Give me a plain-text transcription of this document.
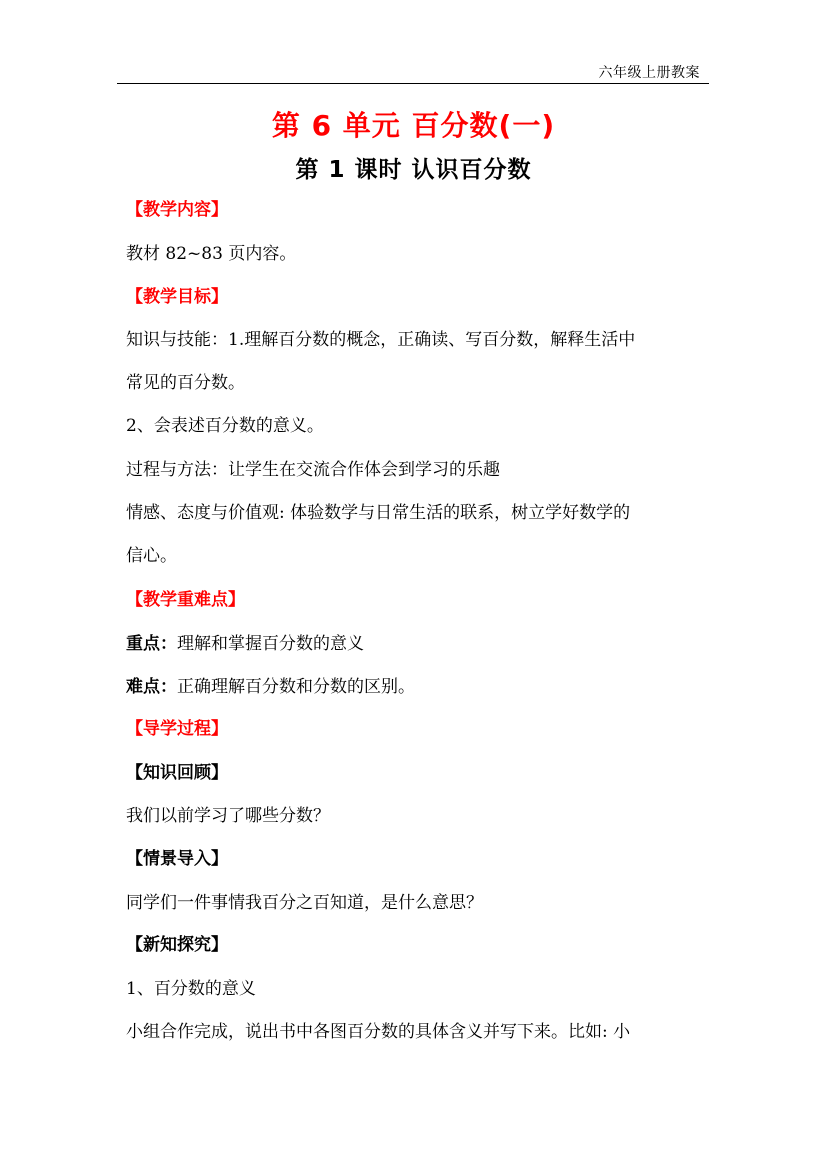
六年级上册教案
第 6 单元 百分数(一)
第 1 课时 认识百分数
【教学内容】
教材 82~83 页内容。
【教学目标】
知识与技能：1.理解百分数的概念，正确读、写百分数，解释生活中
常见的百分数。
2、会表述百分数的意义。
过程与方法：让学生在交流合作体会到学习的乐趣
情感、态度与价值观: 体验数学与日常生活的联系，树立学好数学的
信心。
【教学重难点】
重点：理解和掌握百分数的意义
难点：正确理解百分数和分数的区别。
【导学过程】
【知识回顾】
我们以前学习了哪些分数？
【情景导入】
同学们一件事情我百分之百知道，是什么意思？
【新知探究】
1、百分数的意义
小组合作完成，说出书中各图百分数的具体含义并写下来。比如: 小
